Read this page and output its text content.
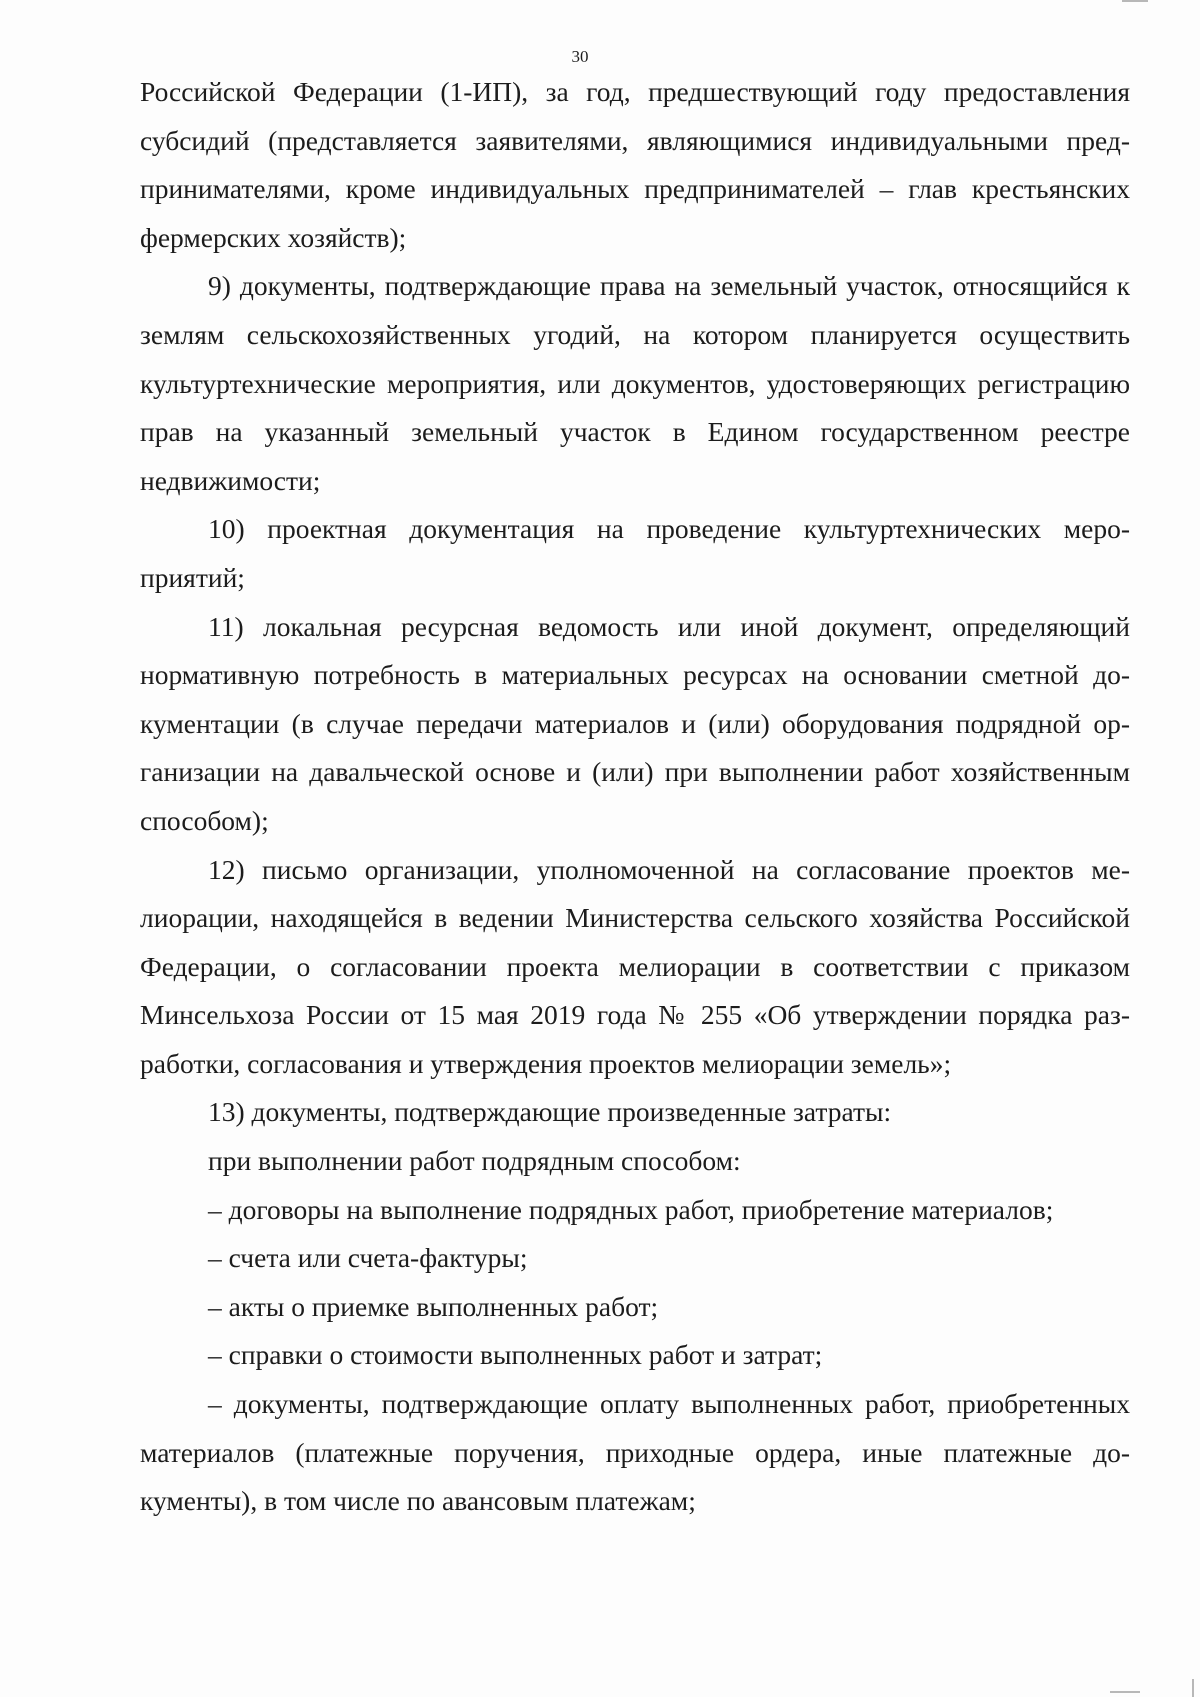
30

Российской Федерации (1-ИП), за год, предшествующий году предоставления субсидий (представляется заявителями, являющимися индивидуальными предпринимателями, кроме индивидуальных предпринимателей – глав крестьянских фермерских хозяйств);

9) документы, подтверждающие права на земельный участок, относящийся к землям сельскохозяйственных угодий, на котором планируется осуществить культуртехнические мероприятия, или документов, удостоверяющих регистрацию прав на указанный земельный участок в Едином государственном реестре недвижимости;

10) проектная документация на проведение культуртехнических мероприятий;

11) локальная ресурсная ведомость или иной документ, определяющий нормативную потребность в материальных ресурсах на основании сметной документации (в случае передачи материалов и (или) оборудования подрядной организации на давальческой основе и (или) при выполнении работ хозяйственным способом);

12) письмо организации, уполномоченной на согласование проектов мелиорации, находящейся в ведении Министерства сельского хозяйства Российской Федерации, о согласовании проекта мелиорации в соответствии с приказом Минсельхоза России от 15 мая 2019 года № 255 «Об утверждении порядка разработки, согласования и утверждения проектов мелиорации земель»;

13) документы, подтверждающие произведенные затраты:

при выполнении работ подрядным способом:

– договоры на выполнение подрядных работ, приобретение материалов;

– счета или счета-фактуры;

– акты о приемке выполненных работ;

– справки о стоимости выполненных работ и затрат;

– документы, подтверждающие оплату выполненных работ, приобретенных материалов (платежные поручения, приходные ордера, иные платежные документы), в том числе по авансовым платежам;
